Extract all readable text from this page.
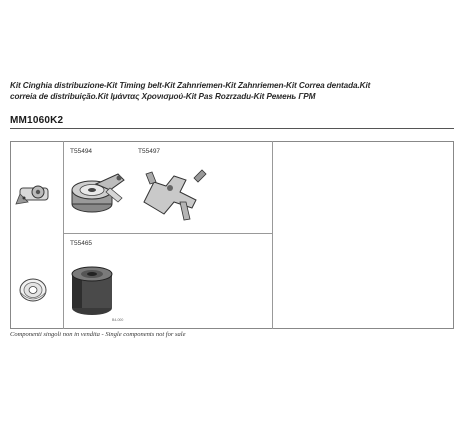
Kit Cinghia distribuzione-Kit Timing belt-Kit Zahnriemen-Kit Zahnriemen-Kit Correa dentada.Kit
correia de distribuição.Kit Ιμάντας Χρονισμού-Kit Pas Rozrzadu-Kit Ремень ГРМ
MM1060K2
T55494	T55497
T55465
B4-000
Componenti singoli non in vendita - Single components not for sale
